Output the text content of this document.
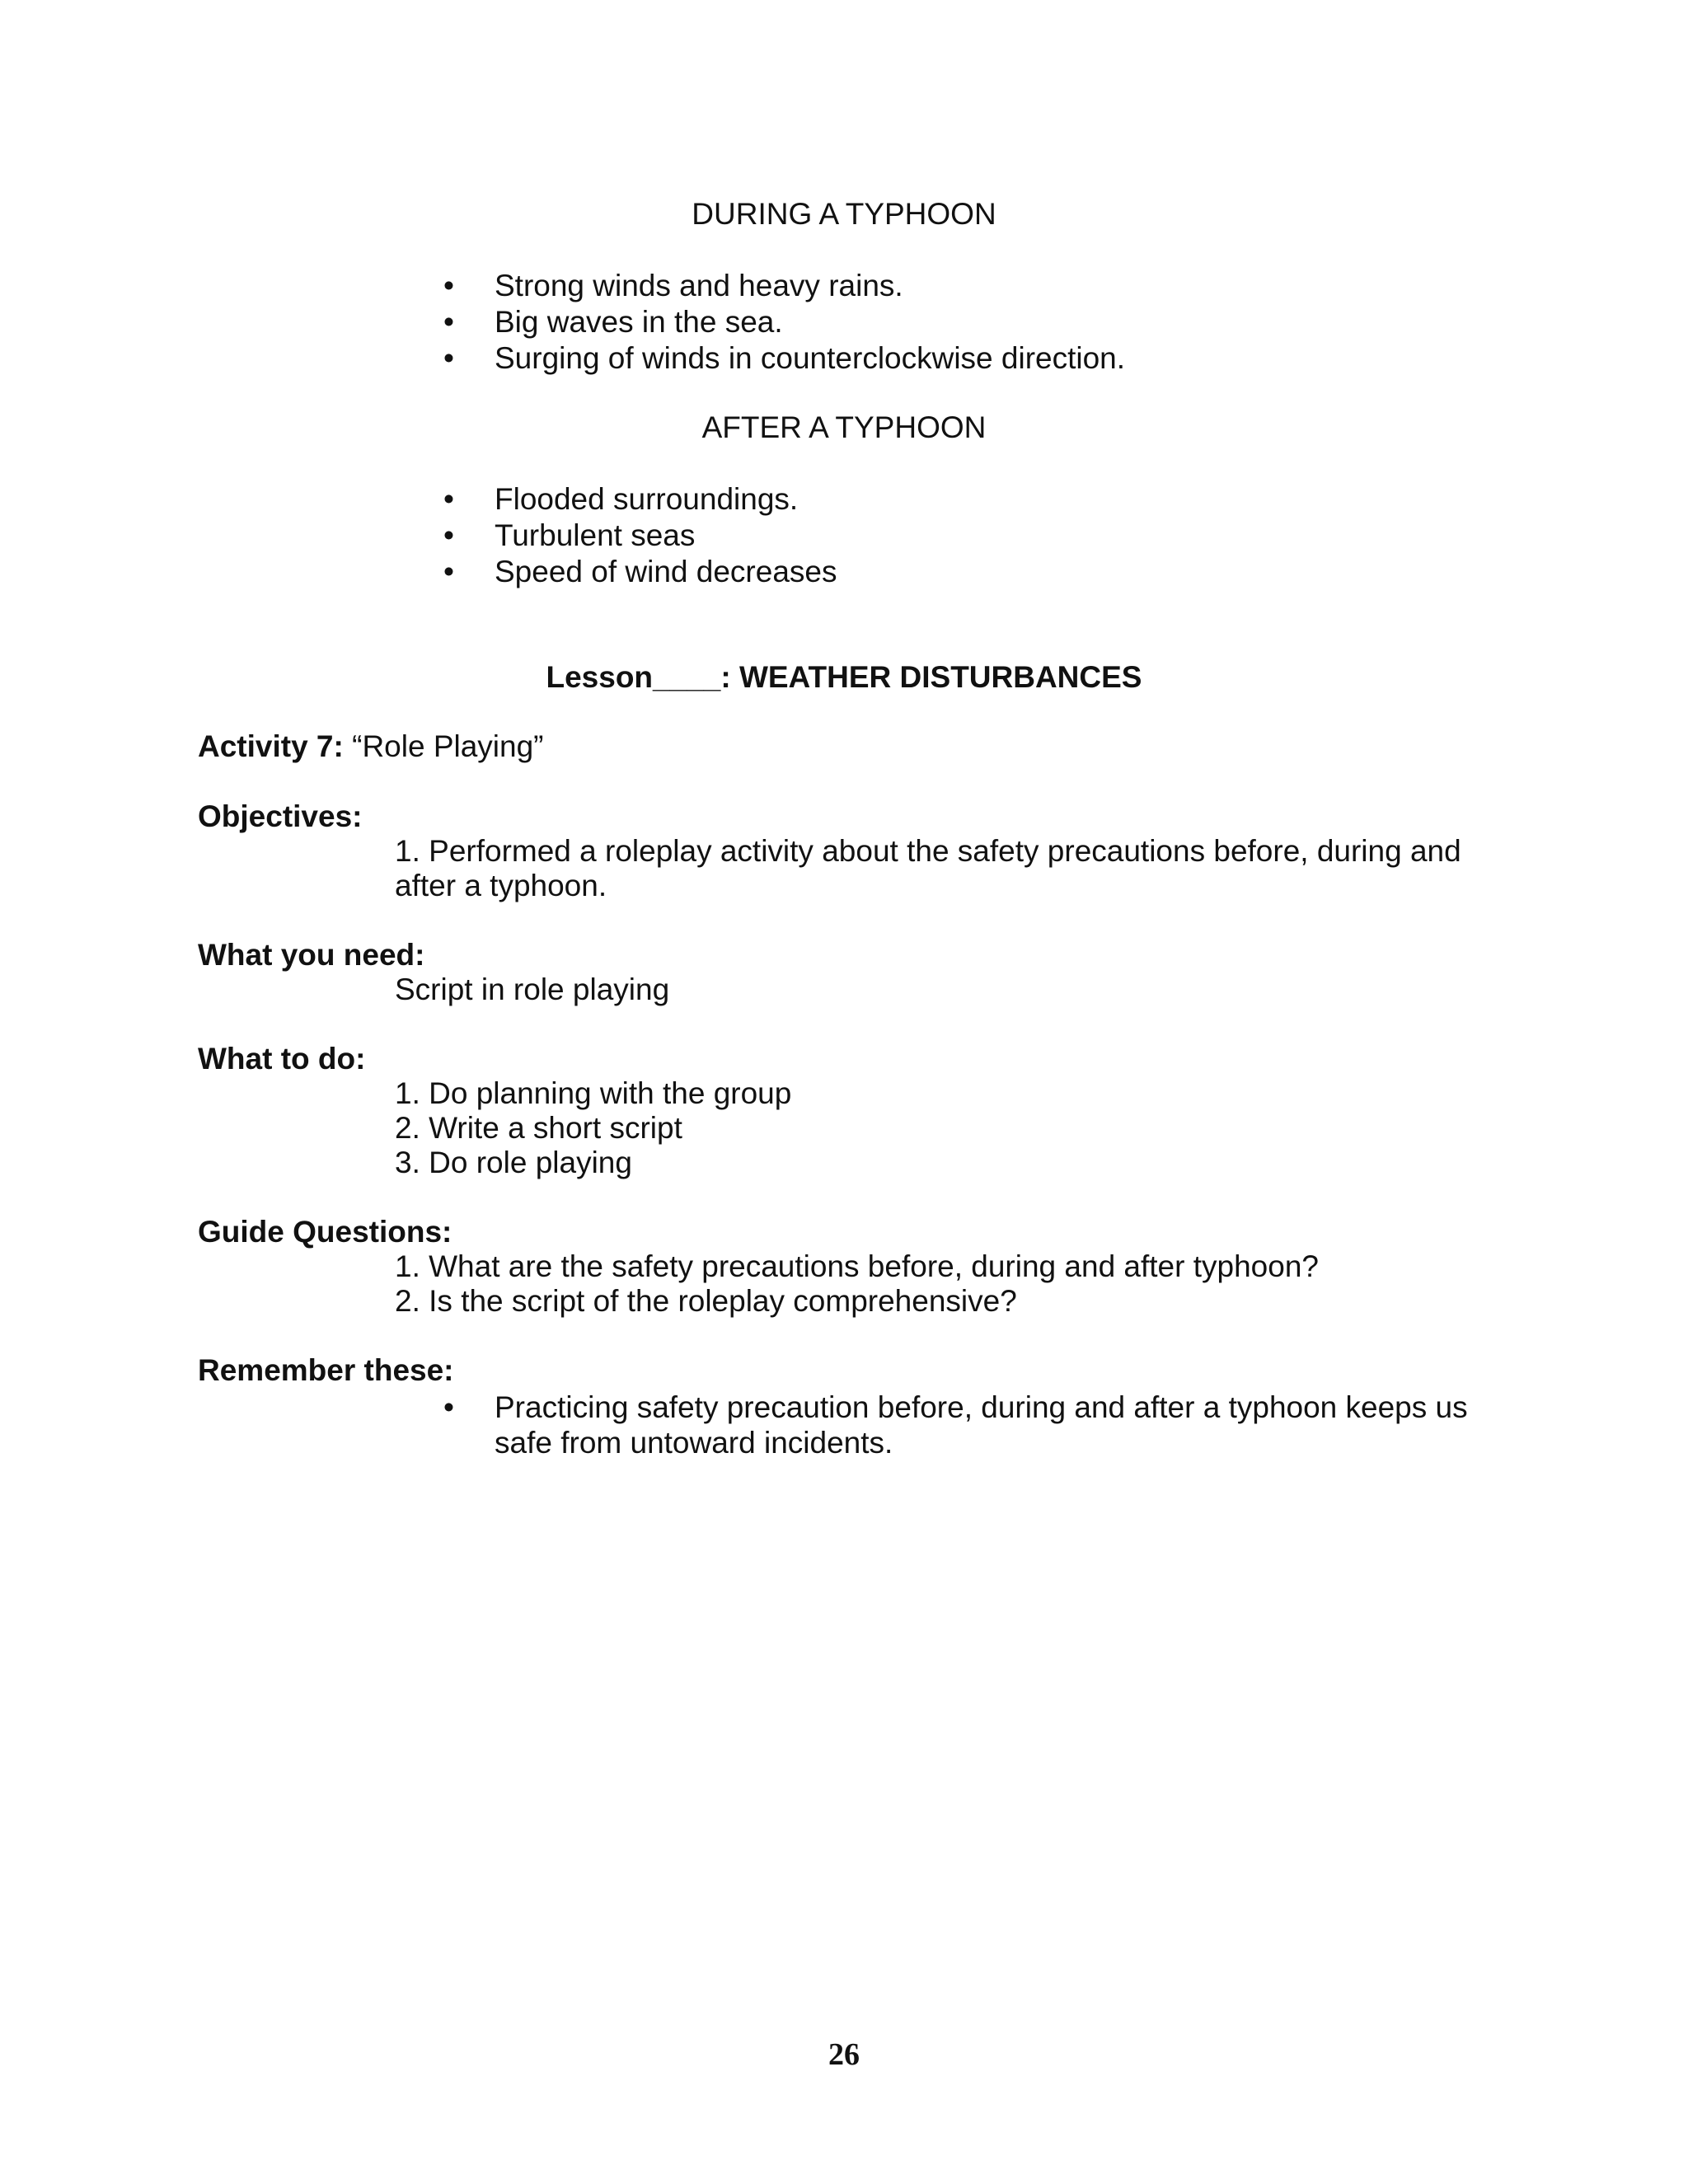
DURING A TYPHOON
• Strong winds and heavy rains.
• Big waves in the sea.
• Surging of winds in counterclockwise direction.
AFTER A TYPHOON
• Flooded surroundings.
• Turbulent seas
• Speed of wind decreases
Lesson____: WEATHER DISTURBANCES
Activity 7: “Role Playing”
Objectives:
1. Performed a roleplay activity about the safety precautions before, during and
after a typhoon.
What you need:
Script in role playing
What to do:
1. Do planning with the group
2. Write a short script
3. Do role playing
Guide Questions:
1. What are the safety precautions before, during and after typhoon?
2. Is the script of the roleplay comprehensive?
Remember these:
• Practicing safety precaution before, during and after a typhoon keeps us
safe from untoward incidents.
26
